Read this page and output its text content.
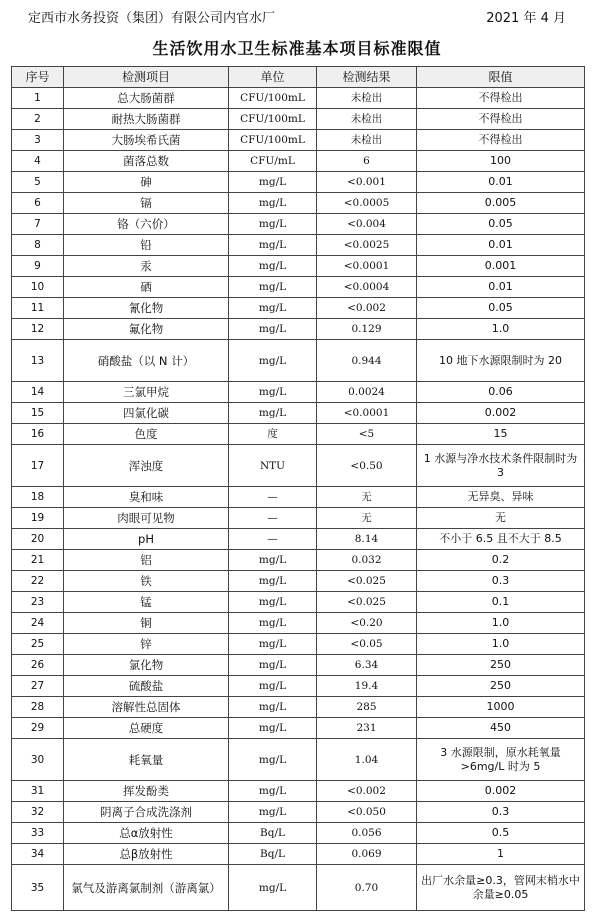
定西市水务投资（集团）有限公司内官水厂	2021 年 4 月
生活饮用水卫生标准基本项目标准限值
序号	检测项目	单位	检测结果	限值
1	总大肠菌群	CFU/100mL	未检出	不得检出
2	耐热大肠菌群	CFU/100mL	未检出	不得检出
3	大肠埃希氏菌	CFU/100mL	未检出	不得检出
4	菌落总数	CFU/mL	6	100
5	砷	mg/L	<0.001	0.01
6	镉	mg/L	<0.0005	0.005
7	铬（六价）	mg/L	<0.004	0.05
8	铅	mg/L	<0.0025	0.01
9	汞	mg/L	<0.0001	0.001
10	硒	mg/L	<0.0004	0.01
11	氰化物	mg/L	<0.002	0.05
12	氟化物	mg/L	0.129	1.0
13	硝酸盐（以 N 计）	mg/L	0.944	10 地下水源限制时为 20
14	三氯甲烷	mg/L	0.0024	0.06
15	四氯化碳	mg/L	<0.0001	0.002
16	色度	度	<5	15
17	浑浊度	NTU	<0.50	1 水源与净水技术条件限制时为 3
18	臭和味	—	无	无异臭、异味
19	肉眼可见物	—	无	无
20	pH	—	8.14	不小于 6.5 且不大于 8.5
21	铝	mg/L	0.032	0.2
22	铁	mg/L	<0.025	0.3
23	锰	mg/L	<0.025	0.1
24	铜	mg/L	<0.20	1.0
25	锌	mg/L	<0.05	1.0
26	氯化物	mg/L	6.34	250
27	硫酸盐	mg/L	19.4	250
28	溶解性总固体	mg/L	285	1000
29	总硬度	mg/L	231	450
30	耗氧量	mg/L	1.04	3 水源限制，原水耗氧量>6mg/L 时为 5
31	挥发酚类	mg/L	<0.002	0.002
32	阴离子合成洗涤剂	mg/L	<0.050	0.3
33	总α放射性	Bq/L	0.056	0.5
34	总β放射性	Bq/L	0.069	1
35	氯气及游离氯制剂（游离氯）	mg/L	0.70	出厂水余量≥0.3，管网末梢水中余量≥0.05
